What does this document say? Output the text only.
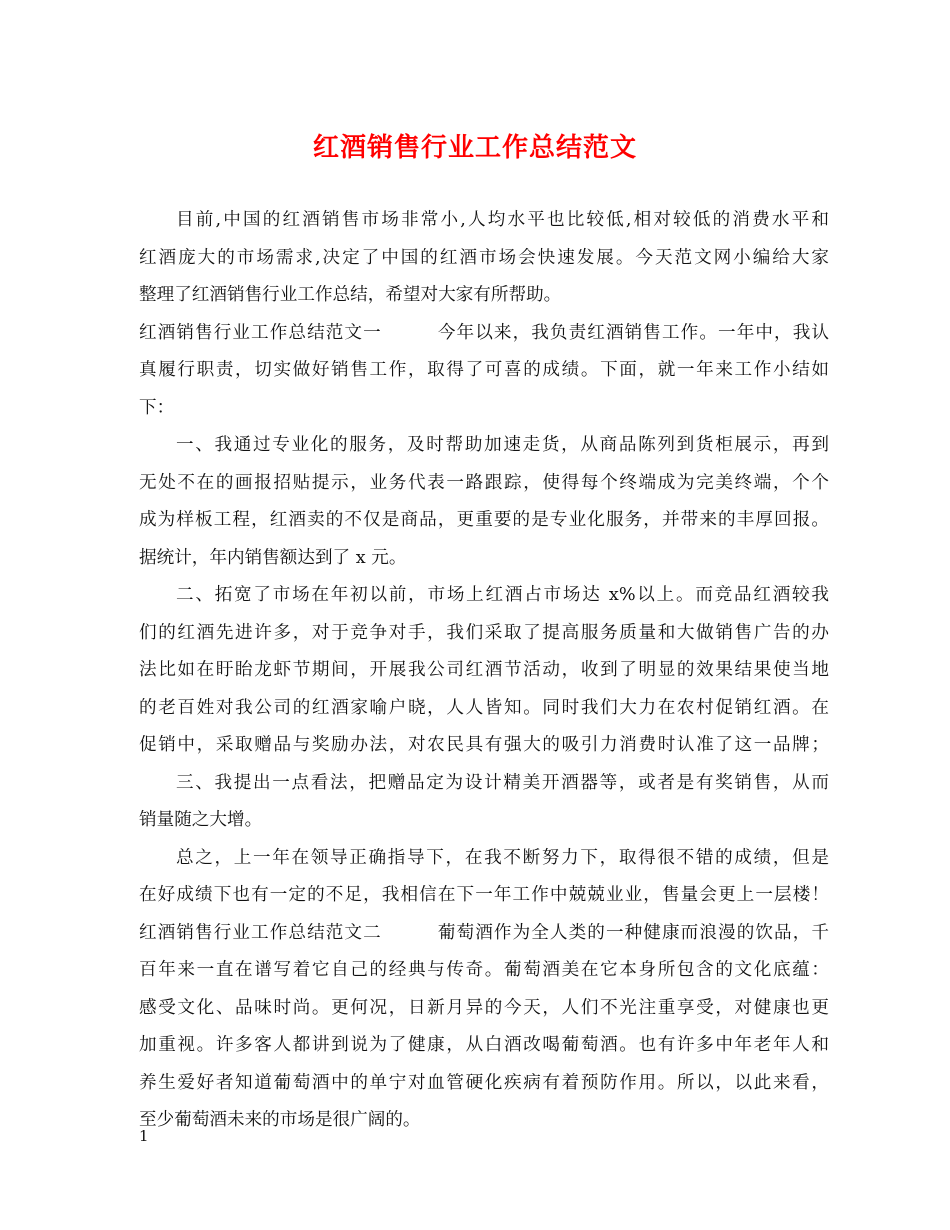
红酒销售行业工作总结范文
目前,中国的红酒销售市场非常小,人均水平也比较低,相对较低的消费水平和
红酒庞大的市场需求,决定了中国的红酒市场会快速发展。今天范文网小编给大家
整理了红酒销售行业工作总结，希望对大家有所帮助。
红酒销售行业工作总结范文一	今年以来，我负责红酒销售工作。一年中，我认
真履行职责，切实做好销售工作，取得了可喜的成绩。下面，就一年来工作小结如
下：
一、我通过专业化的服务，及时帮助加速走货，从商品陈列到货柜展示，再到
无处不在的画报招贴提示，业务代表一路跟踪，使得每个终端成为完美终端，个个
成为样板工程，红酒卖的不仅是商品，更重要的是专业化服务，并带来的丰厚回报。
据统计，年内销售额达到了 x 元。
二、拓宽了市场在年初以前，市场上红酒占市场达 x%以上。而竞品红酒较我
们的红酒先进许多，对于竞争对手，我们采取了提高服务质量和大做销售广告的办
法比如在盱眙龙虾节期间，开展我公司红酒节活动，收到了明显的效果结果使当地
的老百姓对我公司的红酒家喻户晓，人人皆知。同时我们大力在农村促销红酒。在
促销中，采取赠品与奖励办法，对农民具有强大的吸引力消费时认准了这一品牌；
三、我提出一点看法，把赠品定为设计精美开酒器等，或者是有奖销售，从而
销量随之大增。
总之，上一年在领导正确指导下，在我不断努力下，取得很不错的成绩，但是
在好成绩下也有一定的不足，我相信在下一年工作中兢兢业业，售量会更上一层楼！
红酒销售行业工作总结范文二	葡萄酒作为全人类的一种健康而浪漫的饮品，千
百年来一直在谱写着它自己的经典与传奇。葡萄酒美在它本身所包含的文化底蕴：
感受文化、品味时尚。更何况，日新月异的今天，人们不光注重享受，对健康也更
加重视。许多客人都讲到说为了健康，从白酒改喝葡萄酒。也有许多中年老年人和
养生爱好者知道葡萄酒中的单宁对血管硬化疾病有着预防作用。所以，以此来看，
至少葡萄酒未来的市场是很广阔的。
1
